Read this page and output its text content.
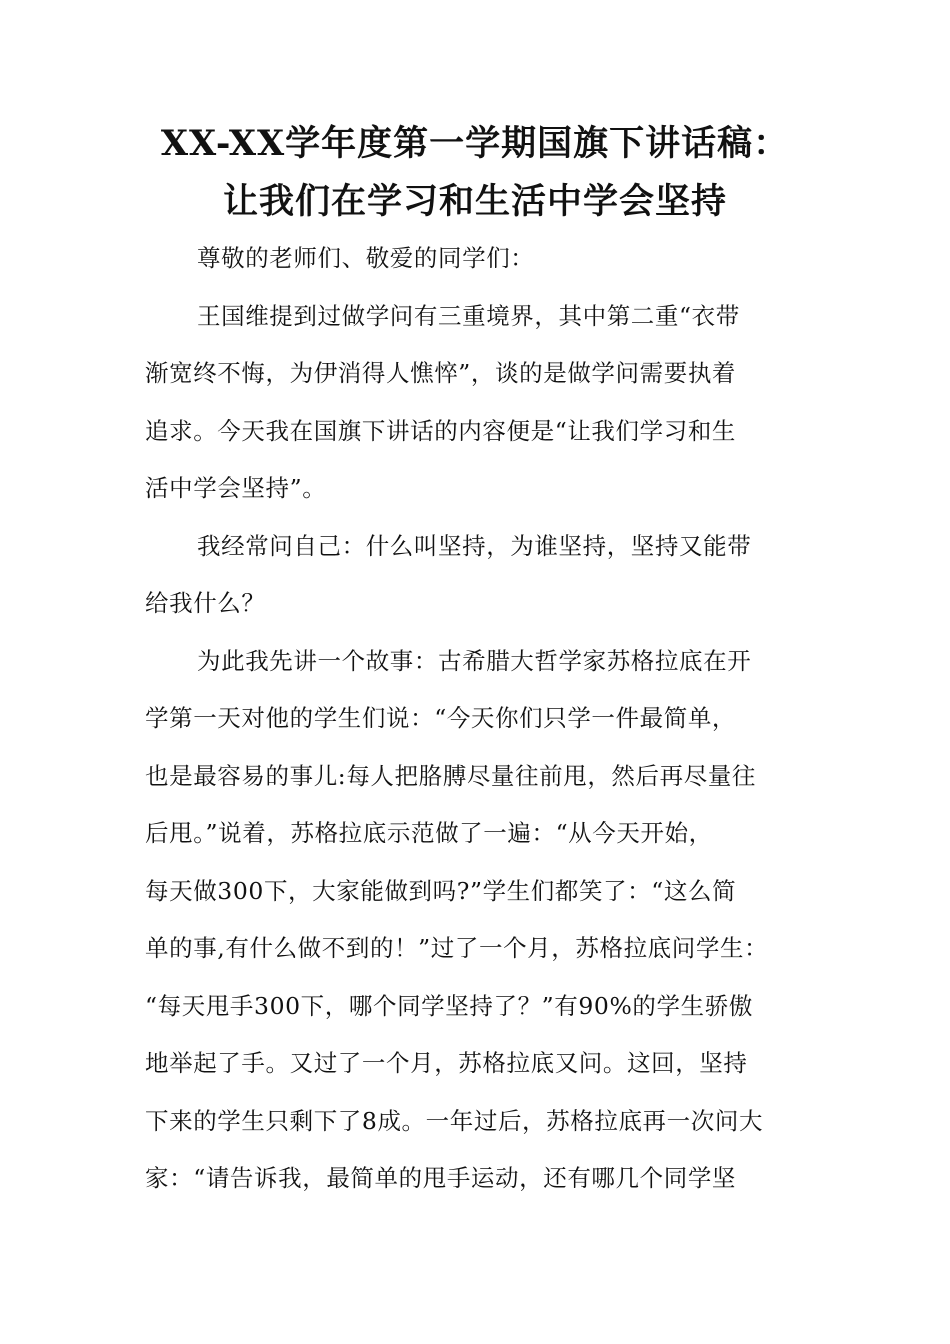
XX-XX学年度第一学期国旗下讲话稿：
让我们在学习和生活中学会坚持
尊敬的老师们、敬爱的同学们：
王国维提到过做学问有三重境界，其中第二重“衣带
渐宽终不悔，为伊消得人憔悴”，谈的是做学问需要执着
追求。今天我在国旗下讲话的内容便是“让我们学习和生
活中学会坚持”。
我经常问自己：什么叫坚持，为谁坚持，坚持又能带
给我什么？
为此我先讲一个故事：古希腊大哲学家苏格拉底在开
学第一天对他的学生们说：“今天你们只学一件最简单，
也是最容易的事儿:每人把胳膊尽量往前甩，然后再尽量往
后甩。”说着，苏格拉底示范做了一遍：“从今天开始，
每天做300下，大家能做到吗?”学生们都笑了：“这么简
单的事,有什么做不到的！”过了一个月，苏格拉底问学生：
“每天甩手300下，哪个同学坚持了？”有90%的学生骄傲
地举起了手。又过了一个月，苏格拉底又问。这回，坚持
下来的学生只剩下了8成。一年过后，苏格拉底再一次问大
家：“请告诉我，最简单的甩手运动，还有哪几个同学坚
